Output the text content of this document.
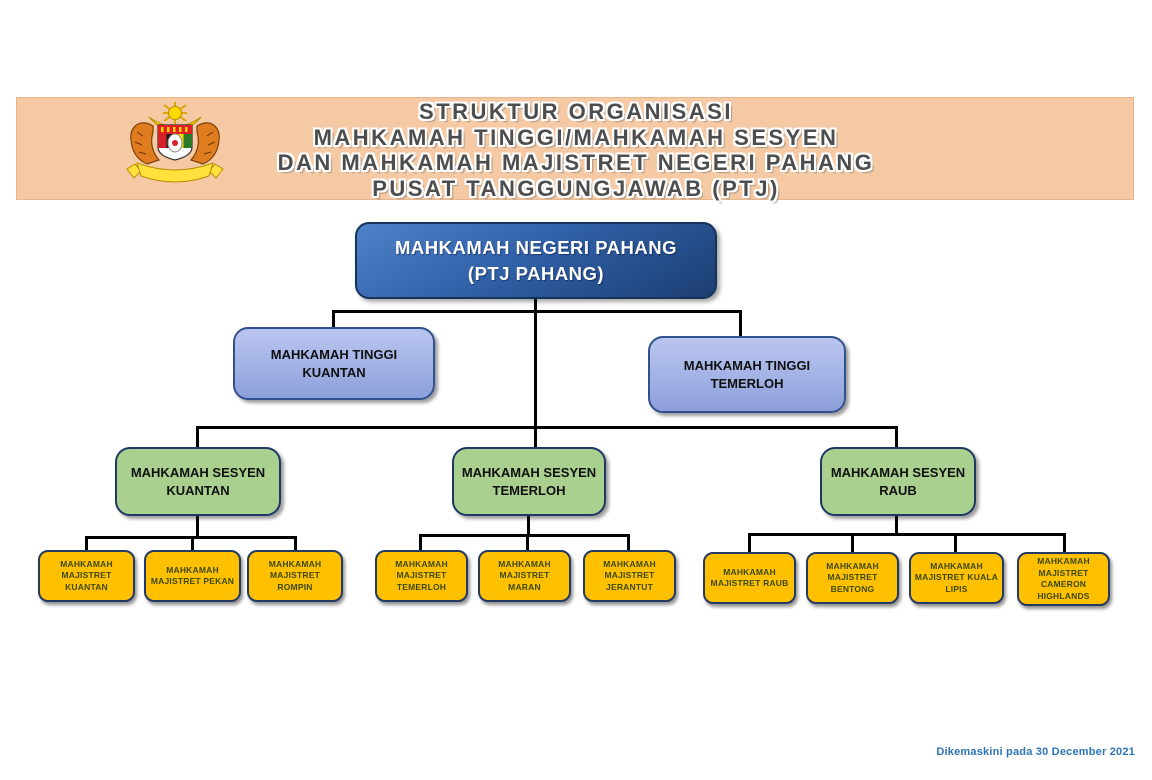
STRUKTUR ORGANISASI
MAHKAMAH TINGGI/MAHKAMAH SESYEN
DAN MAHKAMAH MAJISTRET NEGERI PAHANG
PUSAT TANGGUNGJAWAB (PTJ)
MAHKAMAH NEGERI PAHANG
(PTJ PAHANG)
MAHKAMAH TINGGI
KUANTAN	MAHKAMAH TINGGI
TEMERLOH
MAHKAMAH SESYEN
KUANTAN
MAHKAMAH SESYEN
TEMERLOH
MAHKAMAH SESYEN
RAUB
MAHKAMAH MAJISTRET KUANTAN
MAHKAMAH MAJISTRET PEKAN
MAHKAMAH MAJISTRET ROMPIN
MAHKAMAH MAJISTRET TEMERLOH
MAHKAMAH MAJISTRET MARAN
MAHKAMAH MAJISTRET JERANTUT
MAHKAMAH MAJISTRET RAUB
MAHKAMAH MAJISTRET BENTONG
MAHKAMAH MAJISTRET KUALA LIPIS
MAHKAMAH MAJISTRET CAMERON HIGHLANDS
Dikemaskini pada 30 December 2021
